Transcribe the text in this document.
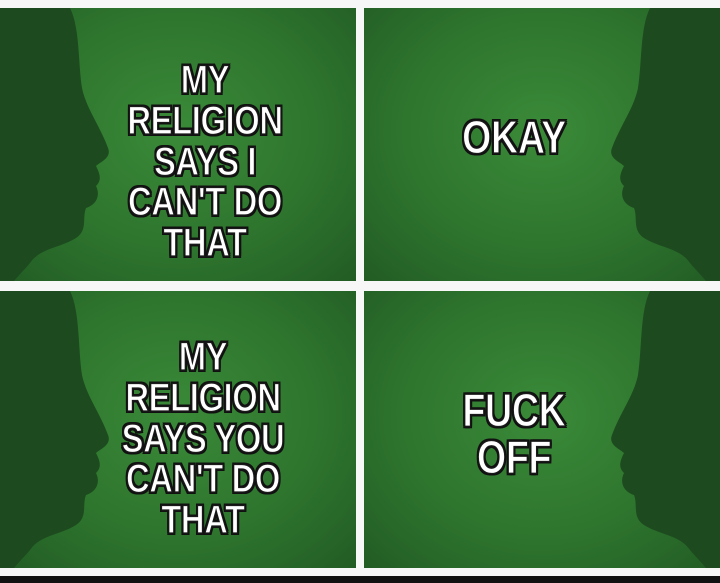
MY RELIGION
SAYS I
CAN'T DO
THAT
OKAY
MY RELIGION
SAYS YOU
CAN'T DO
THAT
FUCK
OFF
